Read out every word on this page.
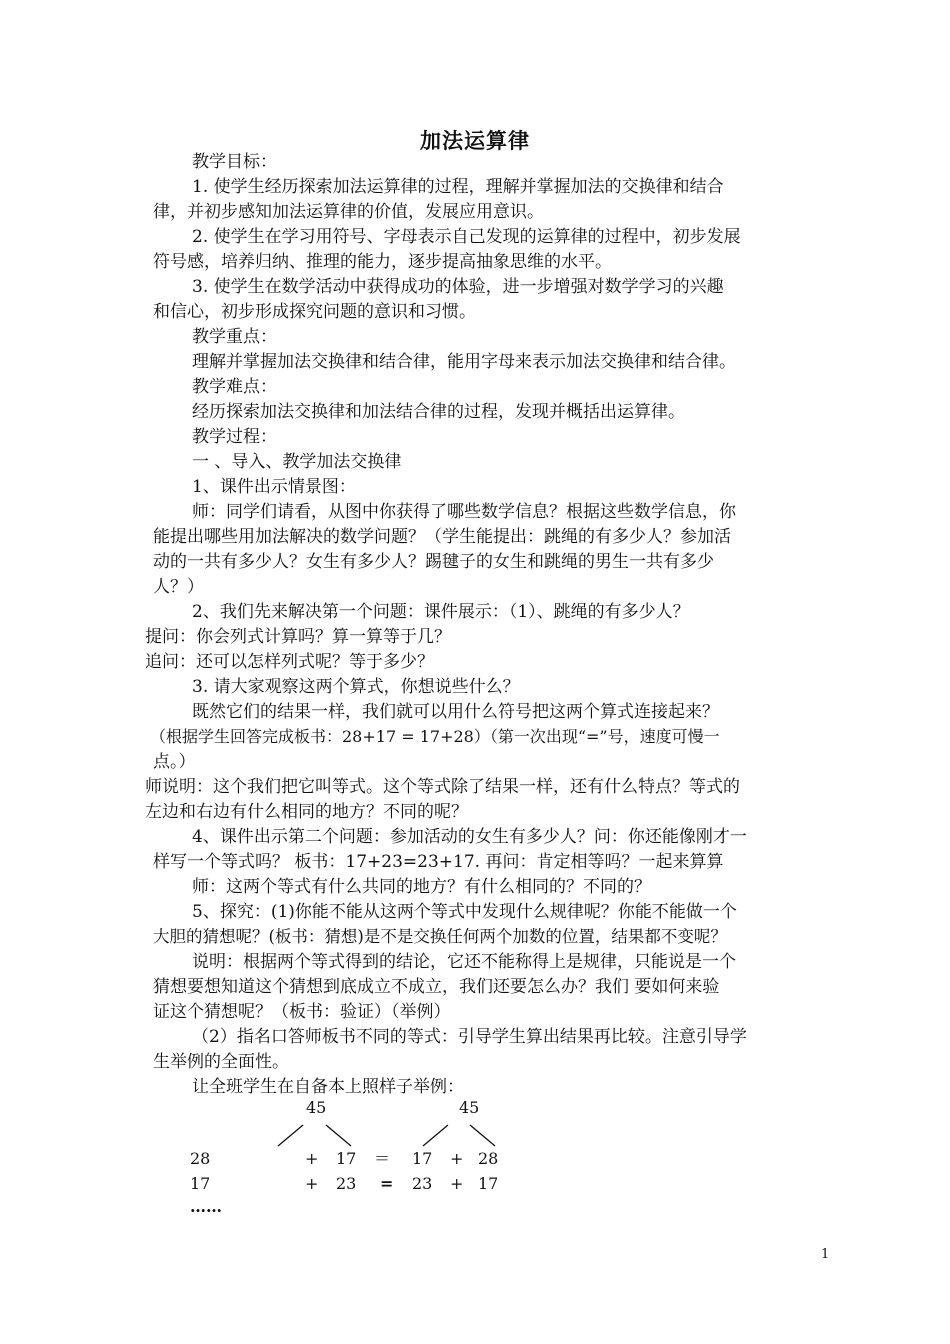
加法运算律
教学目标：
1. 使学生经历探索加法运算律的过程，理解并掌握加法的交换律和结合
律，并初步感知加法运算律的价值，发展应用意识。
2. 使学生在学习用符号、字母表示自己发现的运算律的过程中，初步发展
符号感，培养归纳、推理的能力，逐步提高抽象思维的水平。
3. 使学生在数学活动中获得成功的体验，进一步增强对数学学习的兴趣
和信心，初步形成探究问题的意识和习惯。
教学重点：
理解并掌握加法交换律和结合律，能用字母来表示加法交换律和结合律。
教学难点：
经历探索加法交换律和加法结合律的过程，发现并概括出运算律。
教学过程：
一 、导入、教学加法交换律
1、课件出示情景图：
师：同学们请看，从图中你获得了哪些数学信息？根据这些数学信息，你
能提出哪些用加法解决的数学问题？（学生能提出：跳绳的有多少人？参加活
动的一共有多少人？女生有多少人？踢毽子的女生和跳绳的男生一共有多少
人？）
2、我们先来解决第一个问题：课件展示：（1）、跳绳的有多少人？
提问：你会列式计算吗？算一算等于几？
追问：还可以怎样列式呢？等于多少？
3. 请大家观察这两个算式，你想说些什么？
既然它们的结果一样，我们就可以用什么符号把这两个算式连接起来？
（根据学生回答完成板书：28+17 = 17+28）（第一次出现“=”号，速度可慢一
点。）
师说明：这个我们把它叫等式。这个等式除了结果一样，还有什么特点？等式的
左边和右边有什么相同的地方？不同的呢？
4、课件出示第二个问题：参加活动的女生有多少人？问：你还能像刚才一
样写一个等式吗？ 板书：17+23=23+17. 再问：肯定相等吗？一起来算算
师：这两个等式有什么共同的地方？有什么相同的？不同的？
5、探究：(1)你能不能从这两个等式中发现什么规律呢？你能不能做一个
大胆的猜想呢？(板书：猜想)是不是交换任何两个加数的位置，结果都不变呢？
说明：根据两个等式得到的结论，它还不能称得上是规律，只能说是一个
猜想要想知道这个猜想到底成立不成立，我们还要怎么办？我们 要如何来验
证这个猜想呢？（板书：验证）（举例）
（2）指名口答师板书不同的等式：引导学生算出结果再比较。注意引导学
生举例的全面性。
让全班学生在自备本上照样子举例：
45	45
28	+ 17 ＝ 17 + 28
17	+ 23 = 23 + 17
……
1
